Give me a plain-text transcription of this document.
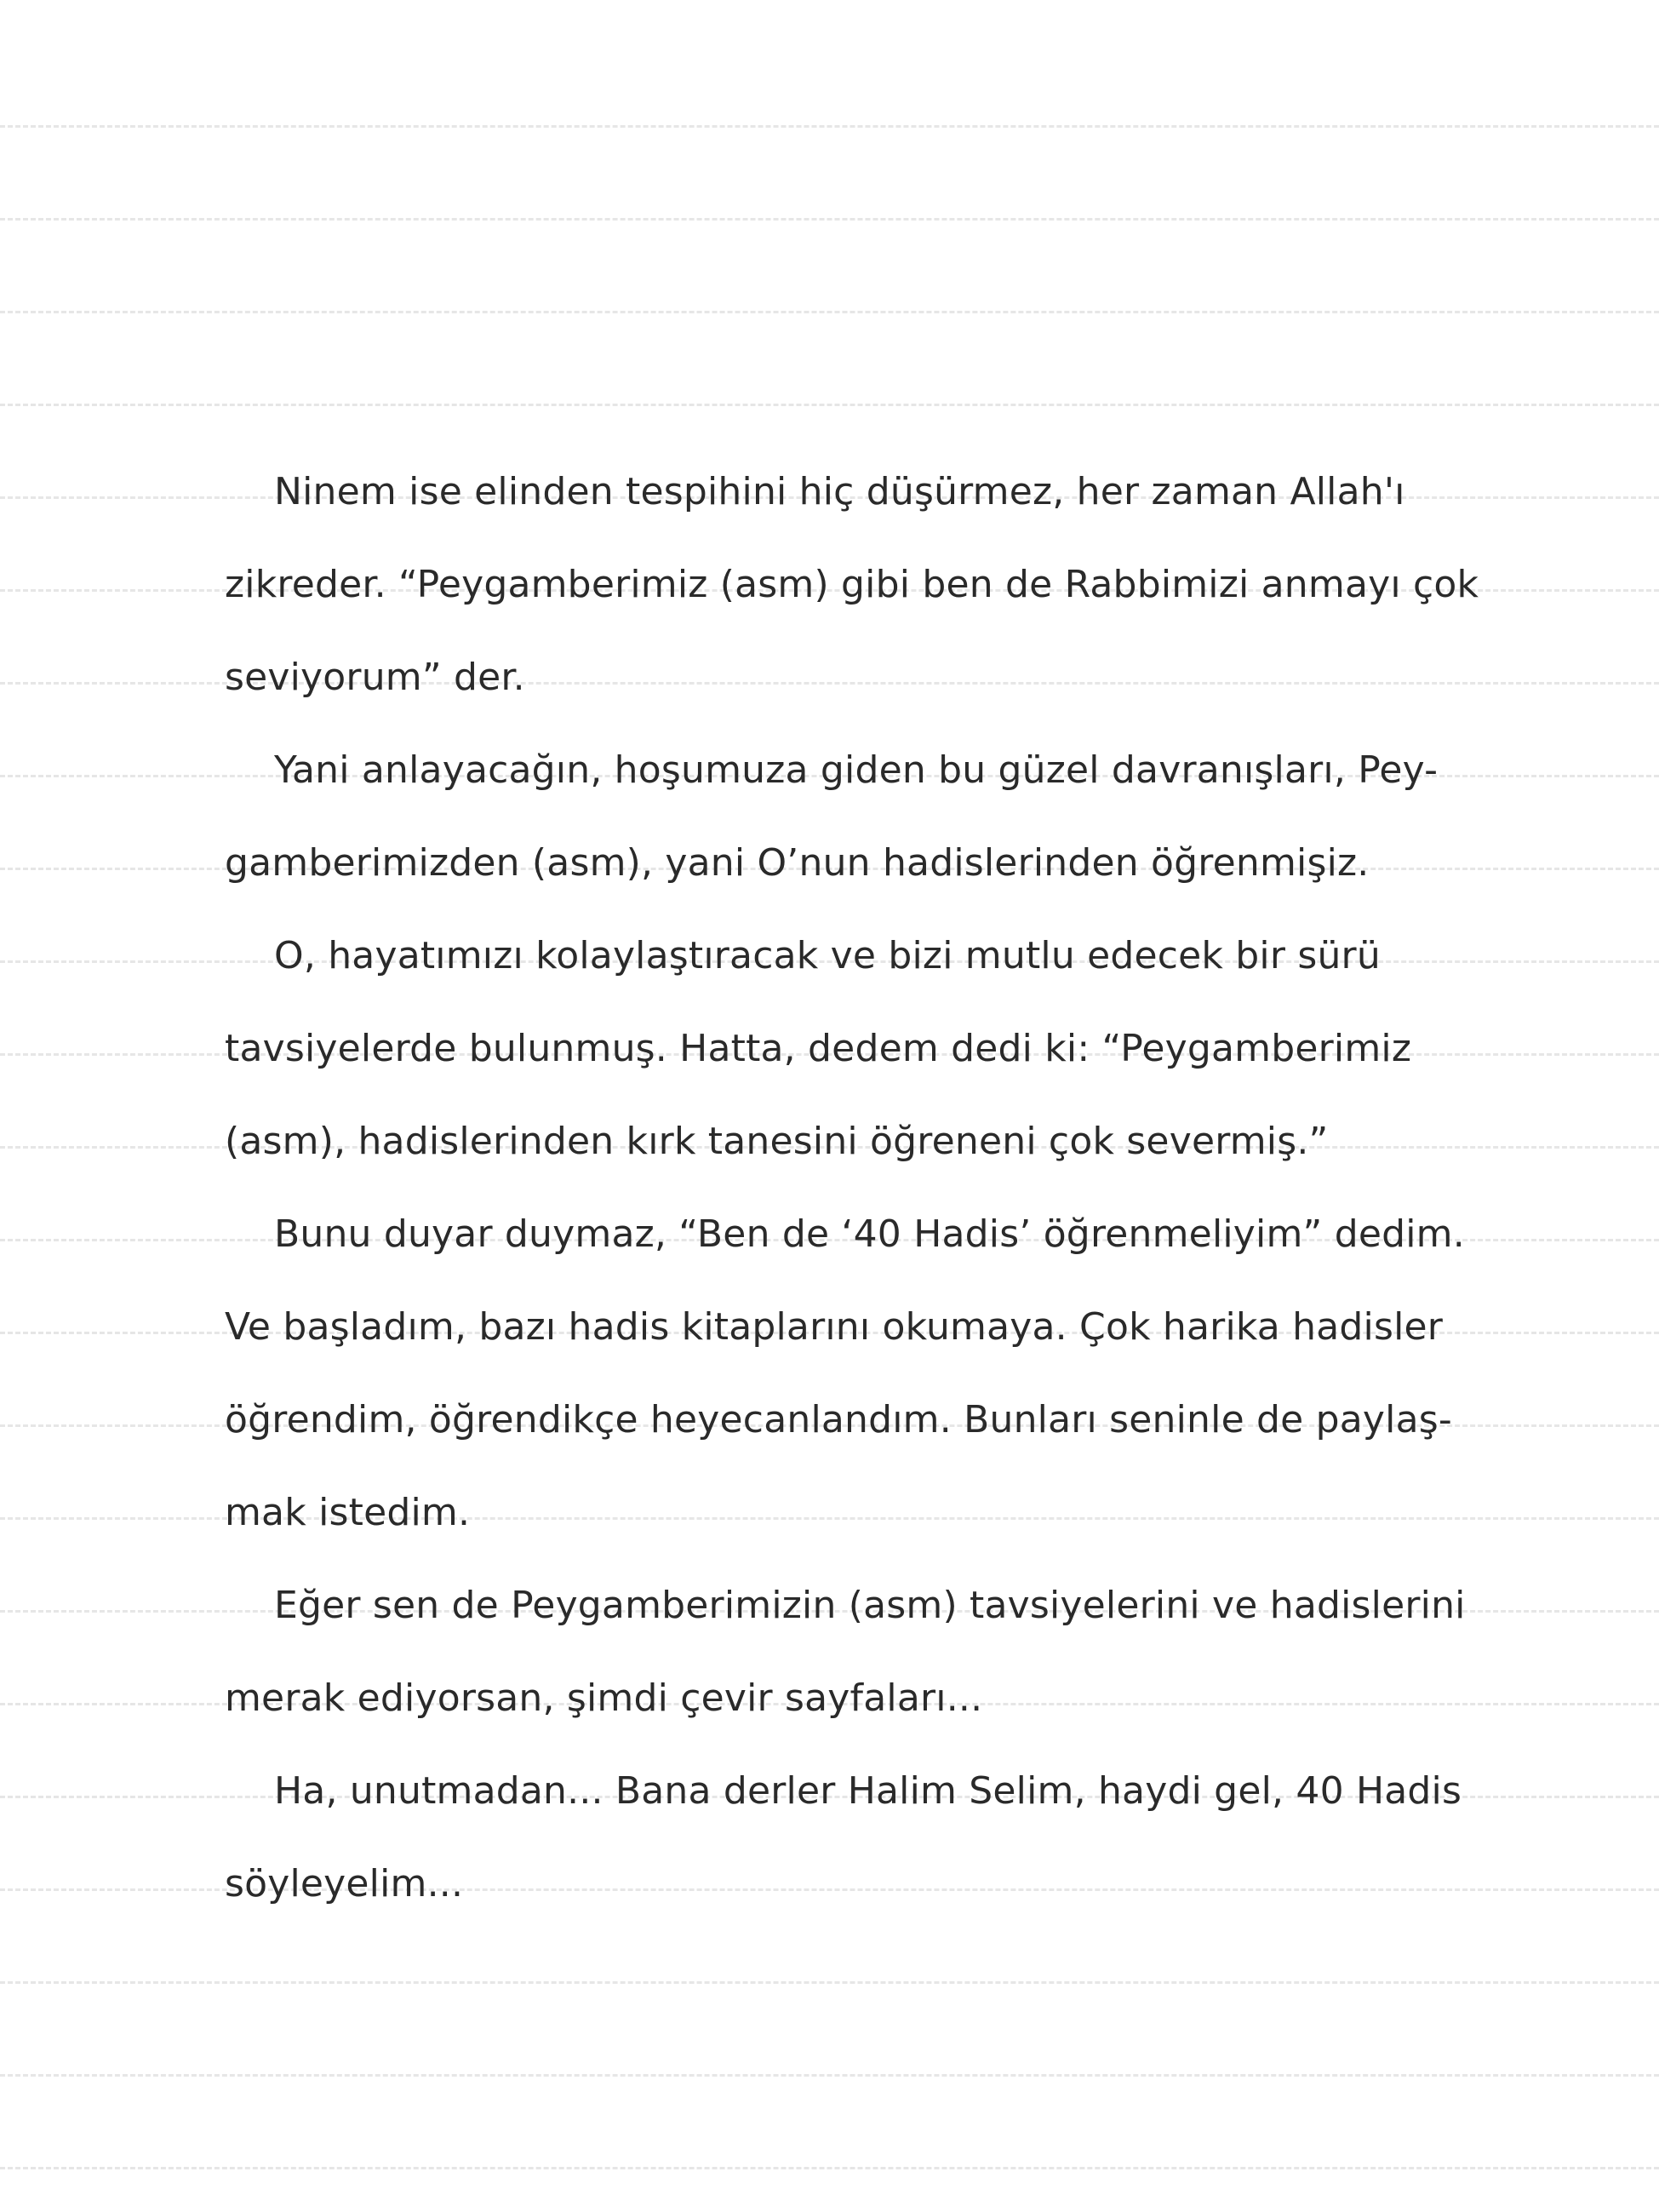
Ninem ise elinden tespihini hiç düşürmez, her zaman Allah'ı
zikreder. “Peygamberimiz (asm) gibi ben de Rabbimizi anmayı çok
seviyorum” der.
Yani anlayacağın, hoşumuza giden bu güzel davranışları, Pey-
gamberimizden (asm), yani O’nun hadislerinden öğrenmişiz.
O, hayatımızı kolaylaştıracak ve bizi mutlu edecek bir sürü
tavsiyelerde bulunmuş. Hatta, dedem dedi ki: “Peygamberimiz
(asm), hadislerinden kırk tanesini öğreneni çok severmiş.”
Bunu duyar duymaz, “Ben de ‘40 Hadis’ öğrenmeliyim” dedim.
Ve başladım, bazı hadis kitaplarını okumaya. Çok harika hadisler
öğrendim, öğrendikçe heyecanlandım. Bunları seninle de paylaş-
mak istedim.
Eğer sen de Peygamberimizin (asm) tavsiyelerini ve hadislerini
merak ediyorsan, şimdi çevir sayfaları...
Ha, unutmadan... Bana derler Halim Selim, haydi gel, 40 Hadis
söyleyelim...
